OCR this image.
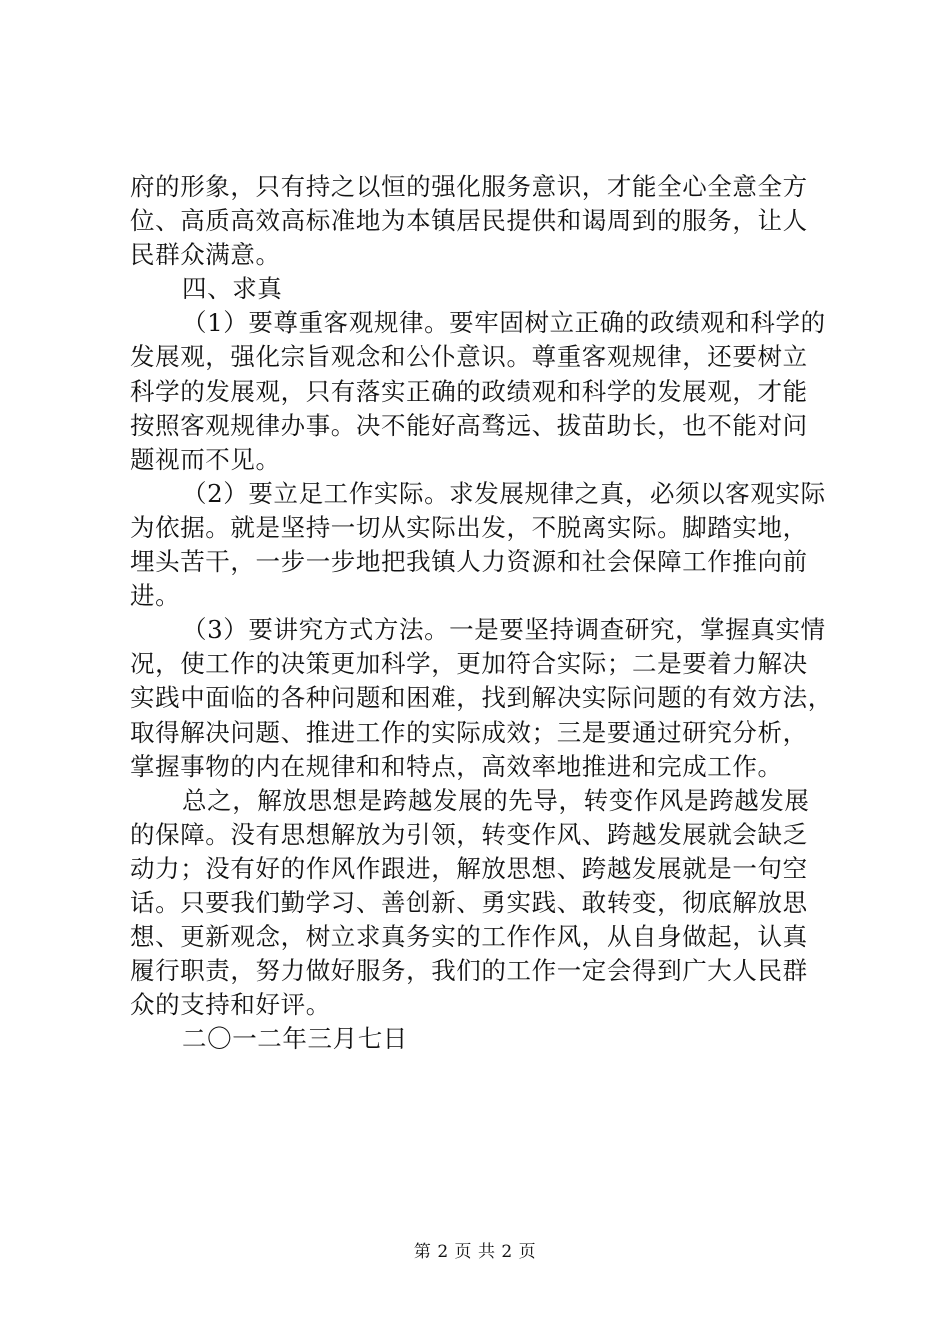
府的形象，只有持之以恒的强化服务意识，才能全心全意全方
位、高质高效高标准地为本镇居民提供和谒周到的服务，让人
民群众满意。
四、求真
（1）要尊重客观规律。要牢固树立正确的政绩观和科学的
发展观，强化宗旨观念和公仆意识。尊重客观规律，还要树立
科学的发展观，只有落实正确的政绩观和科学的发展观，才能
按照客观规律办事。决不能好高骛远、拔苗助长，也不能对问
题视而不见。
（2）要立足工作实际。求发展规律之真，必须以客观实际
为依据。就是坚持一切从实际出发，不脱离实际。脚踏实地，
埋头苦干，一步一步地把我镇人力资源和社会保障工作推向前
进。
（3）要讲究方式方法。一是要坚持调查研究，掌握真实情
况，使工作的决策更加科学，更加符合实际；二是要着力解决
实践中面临的各种问题和困难，找到解决实际问题的有效方法，
取得解决问题、推进工作的实际成效；三是要通过研究分析，
掌握事物的内在规律和和特点，高效率地推进和完成工作。
总之，解放思想是跨越发展的先导，转变作风是跨越发展
的保障。没有思想解放为引领，转变作风、跨越发展就会缺乏
动力；没有好的作风作跟进，解放思想、跨越发展就是一句空
话。只要我们勤学习、善创新、勇实践、敢转变，彻底解放思
想、更新观念，树立求真务实的工作作风，从自身做起，认真
履行职责，努力做好服务，我们的工作一定会得到广大人民群
众的支持和好评。
二〇一二年三月七日
第 2 页 共 2 页
